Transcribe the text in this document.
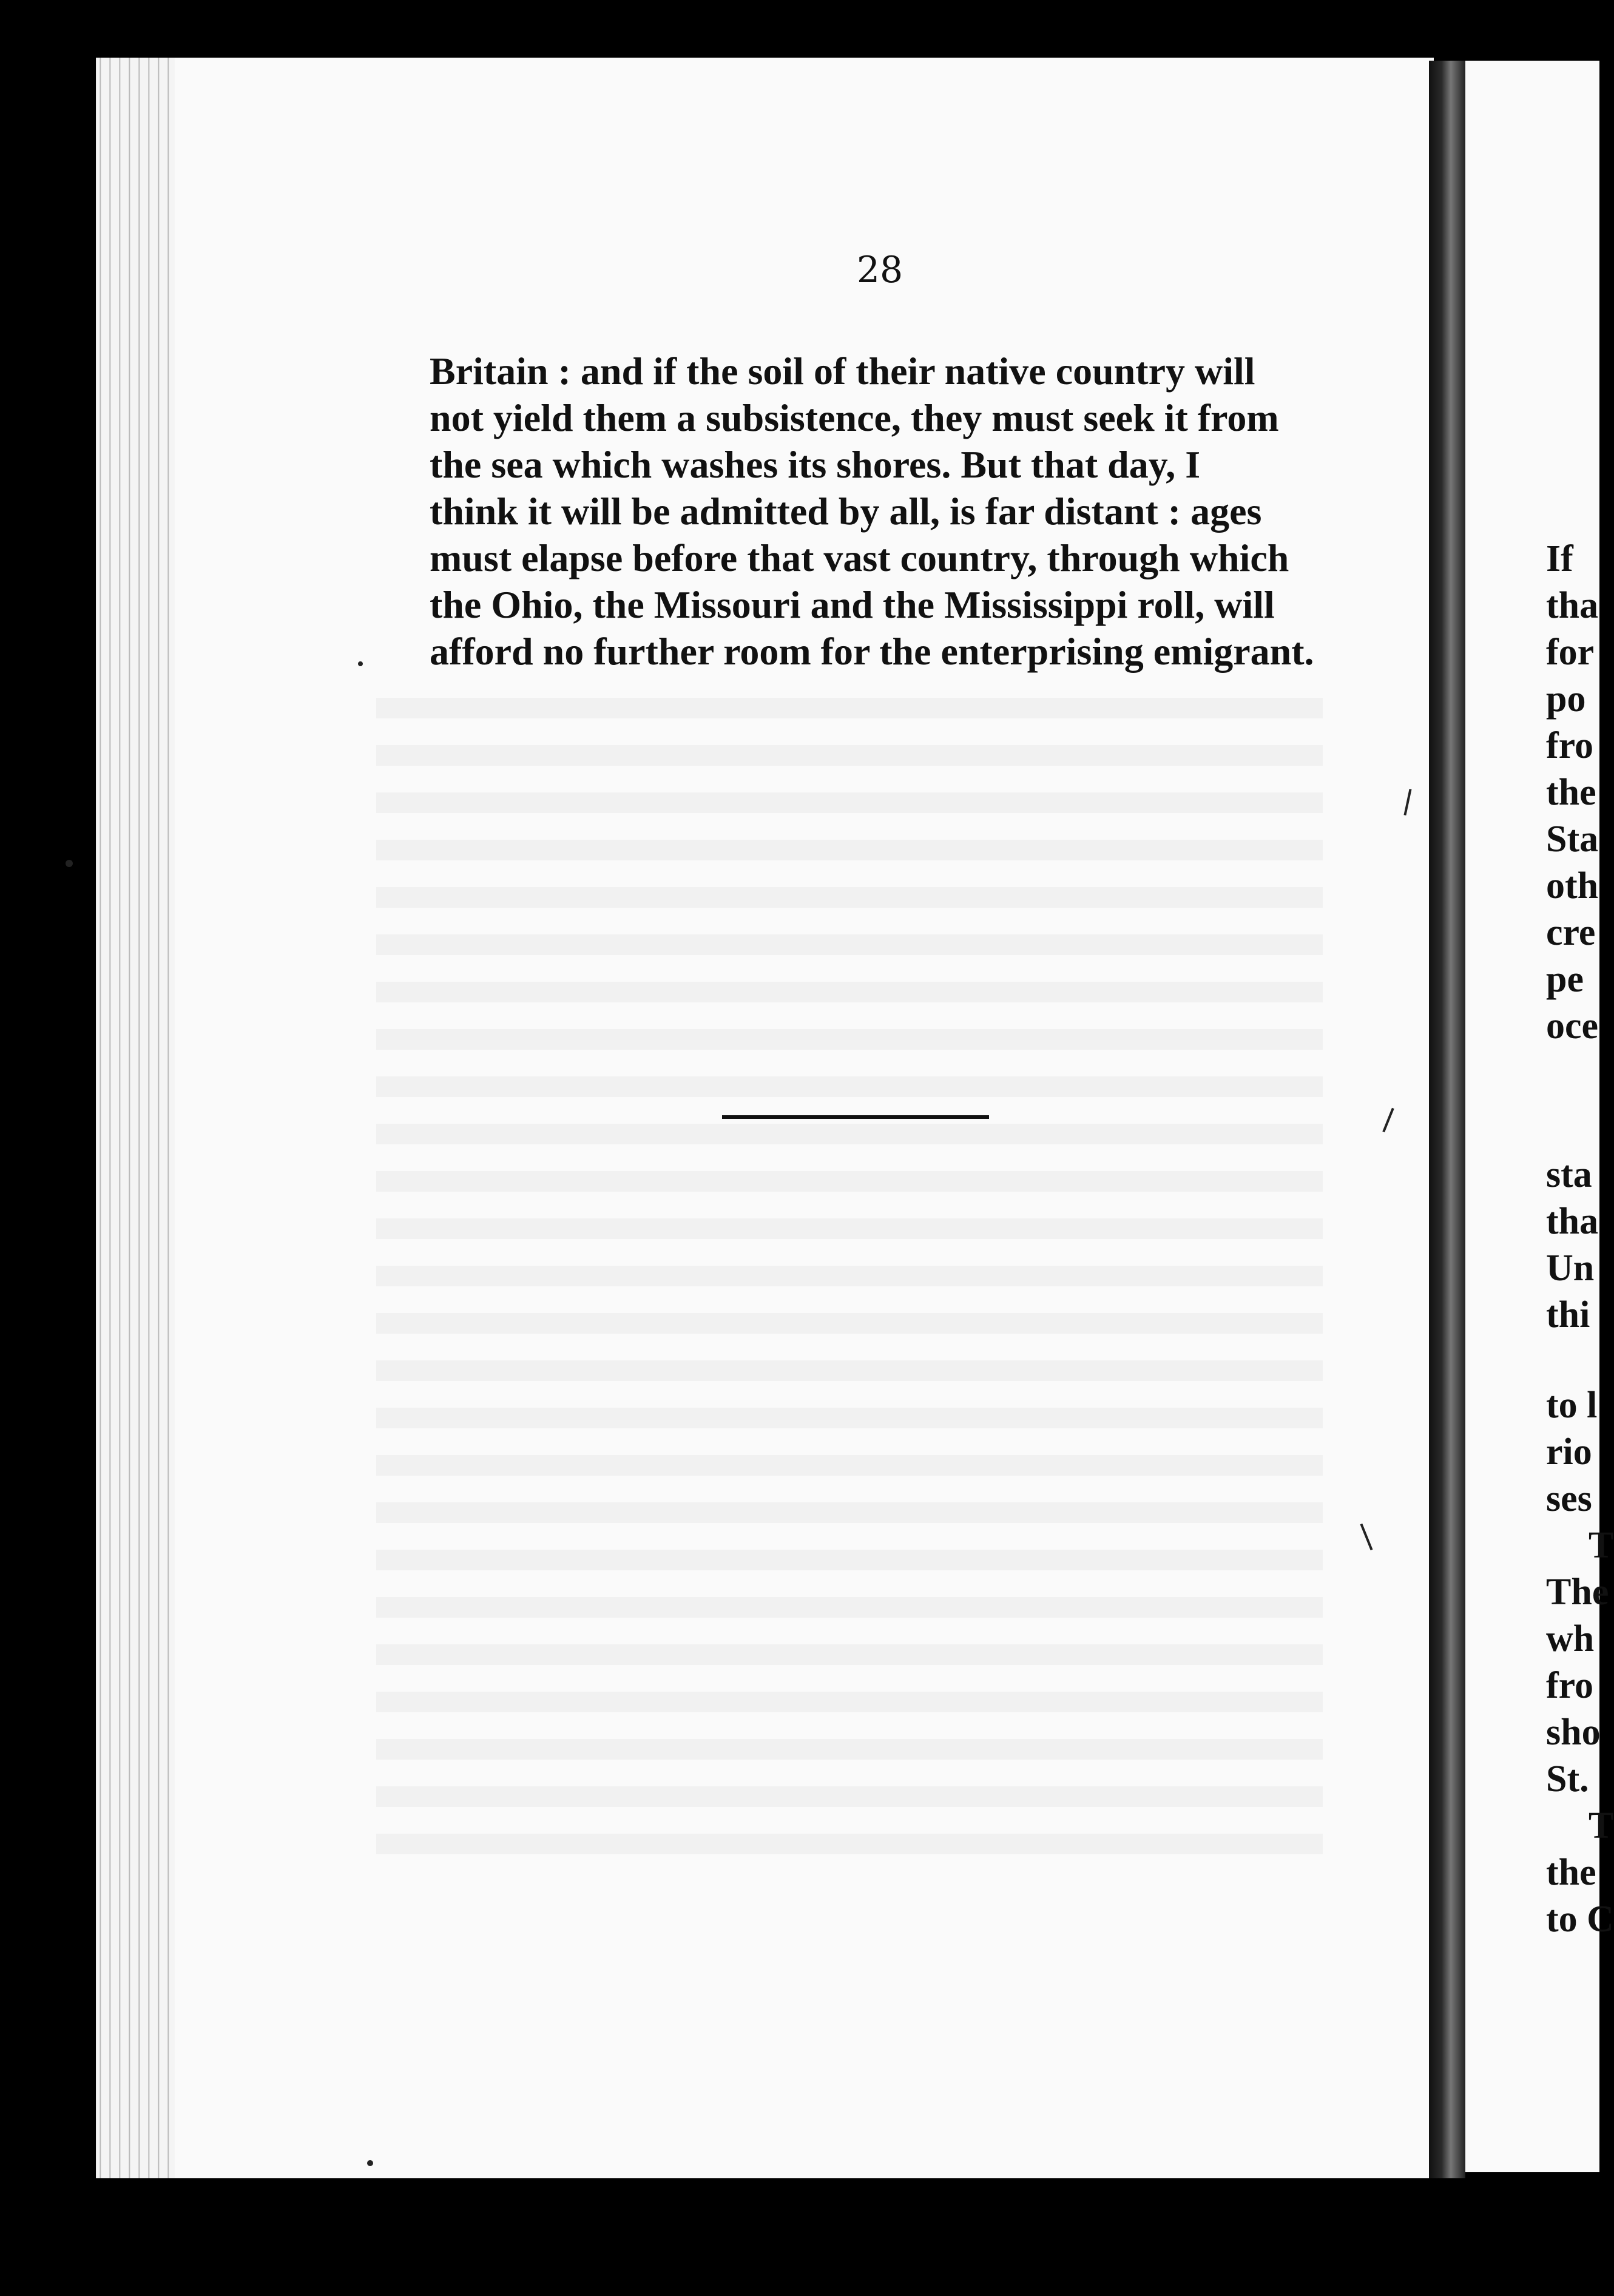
28
Britain : and if the soil of their native country will
not yield them a subsistence, they must seek it from
the sea which washes its shores. But that day, I
think it will be admitted by all, is far distant : ages
must elapse before that vast country, through which
the Ohio, the Missouri and the Mississippi roll, will
afford no further room for the enterprising emigrant.
If
tha
for
po
fro
the
Sta
oth
cre
pe
oce
sta
tha
Un
thi
to l
rio
ses
T
The
wh
fro
sho
St.
T
the
to C
